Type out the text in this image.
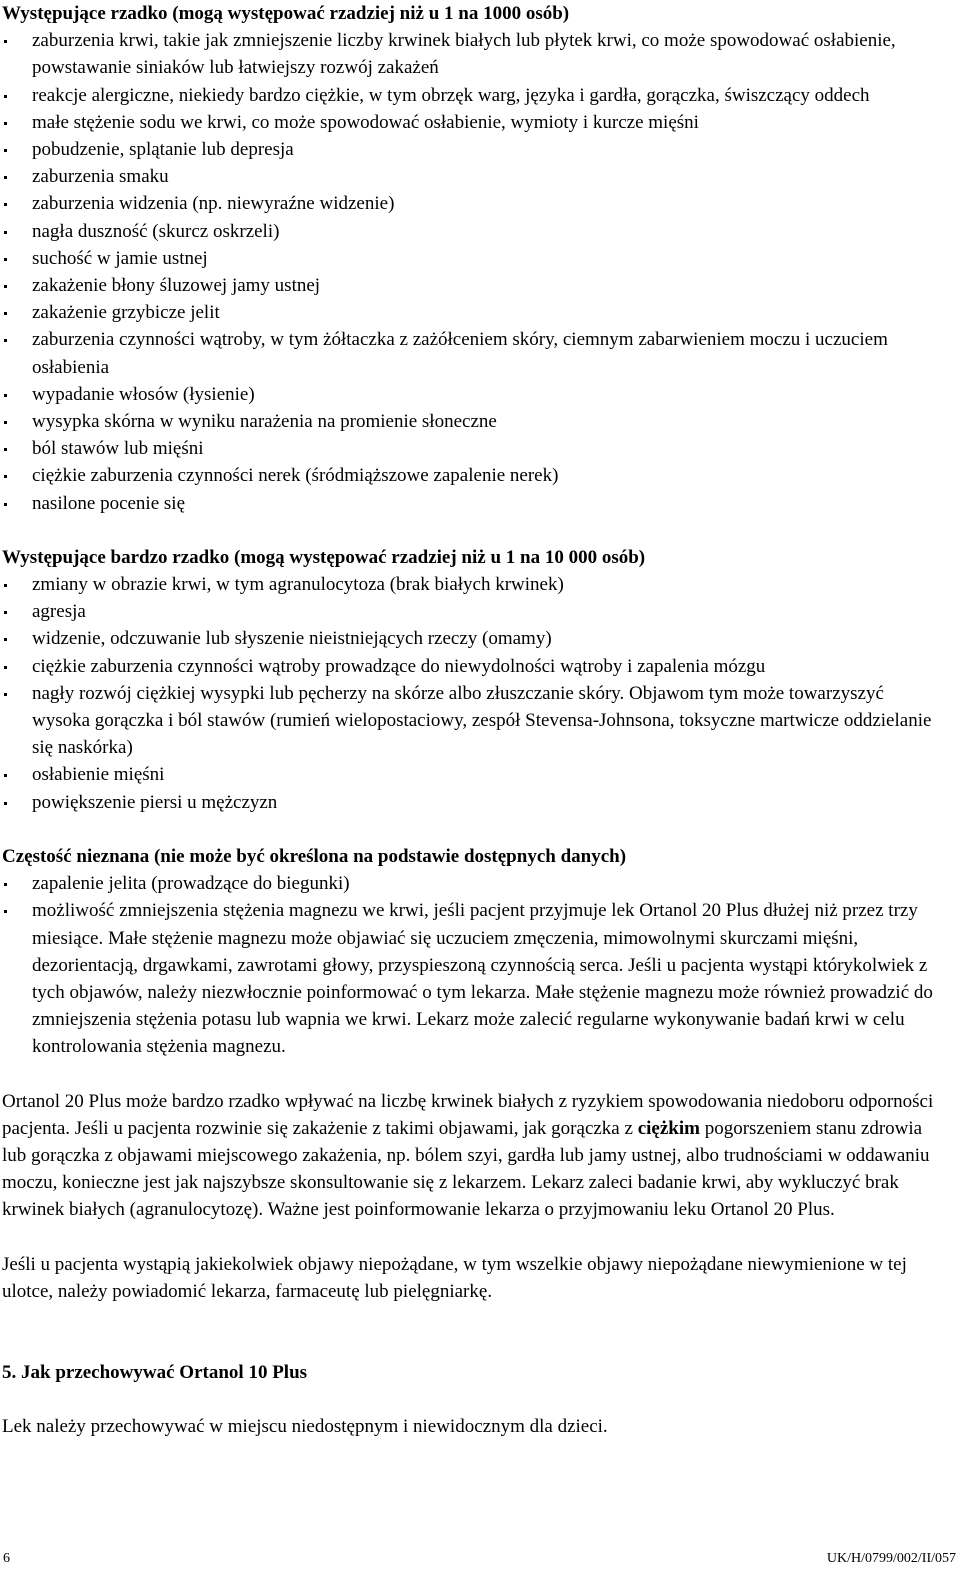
Występujące rzadko (mogą występować rzadziej niż u 1 na 1000 osób)

zaburzenia krwi, takie jak zmniejszenie liczby krwinek białych lub płytek krwi, co może spowodować osłabienie, powstawanie siniaków lub łatwiejszy rozwój zakażeń
reakcje alergiczne, niekiedy bardzo ciężkie, w tym obrzęk warg, języka i gardła, gorączka, świszczący oddech
małe stężenie sodu we krwi, co może spowodować osłabienie, wymioty i kurcze mięśni
pobudzenie, splątanie lub depresja
zaburzenia smaku
zaburzenia widzenia (np. niewyraźne widzenie)
nagła duszność (skurcz oskrzeli)
suchość w jamie ustnej
zakażenie błony śluzowej jamy ustnej
zakażenie grzybicze jelit
zaburzenia czynności wątroby, w tym żółtaczka z zażółceniem skóry, ciemnym zabarwieniem moczu i uczuciem osłabienia
wypadanie włosów (łysienie)
wysypka skórna w wyniku narażenia na promienie słoneczne
ból stawów lub mięśni
ciężkie zaburzenia czynności nerek (śródmiąższowe zapalenie nerek)
nasilone pocenie się

Występujące bardzo rzadko (mogą występować rzadziej niż u 1 na 10 000 osób)

zmiany w obrazie krwi, w tym agranulocytoza (brak białych krwinek)
agresja
widzenie, odczuwanie lub słyszenie nieistniejących rzeczy (omamy)
ciężkie zaburzenia czynności wątroby prowadzące do niewydolności wątroby i zapalenia mózgu
nagły rozwój ciężkiej wysypki lub pęcherzy na skórze albo złuszczanie skóry. Objawom tym może towarzyszyć wysoka gorączka i ból stawów (rumień wielopostaciowy, zespół Stevensa-Johnsona, toksyczne martwicze oddzielanie się naskórka)
osłabienie mięśni
powiększenie piersi u mężczyzn

Częstość nieznana (nie może być określona na podstawie dostępnych danych)

zapalenie jelita (prowadzące do biegunki)
możliwość zmniejszenia stężenia magnezu we krwi, jeśli pacjent przyjmuje lek Ortanol 20 Plus dłużej niż przez trzy miesiące. Małe stężenie magnezu może objawiać się uczuciem zmęczenia, mimowolnymi skurczami mięśni, dezorientacją, drgawkami, zawrotami głowy, przyspieszoną czynnością serca. Jeśli u pacjenta wystąpi którykolwiek z tych objawów, należy niezwłocznie poinformować o tym lekarza. Małe stężenie magnezu może również prowadzić do zmniejszenia stężenia potasu lub wapnia we krwi. Lekarz może zalecić regularne wykonywanie badań krwi w celu kontrolowania stężenia magnezu.

Ortanol 20 Plus może bardzo rzadko wpływać na liczbę krwinek białych z ryzykiem spowodowania niedoboru odporności pacjenta. Jeśli u pacjenta rozwinie się zakażenie z takimi objawami, jak gorączka z ciężkim pogorszeniem stanu zdrowia lub gorączka z objawami miejscowego zakażenia, np. bólem szyi, gardła lub jamy ustnej, albo trudnościami w oddawaniu moczu, konieczne jest jak najszybsze skonsultowanie się z lekarzem. Lekarz zaleci badanie krwi, aby wykluczyć brak krwinek białych (agranulocytozę). Ważne jest poinformowanie lekarza o przyjmowaniu leku Ortanol 20 Plus.

Jeśli u pacjenta wystąpią jakiekolwiek objawy niepożądane, w tym wszelkie objawy niepożądane niewymienione w tej ulotce, należy powiadomić lekarza, farmaceutę lub pielęgniarkę.

5. Jak przechowywać Ortanol 10 Plus

Lek należy przechowywać w miejscu niedostępnym i niewidocznym dla dzieci.

6	UK/H/0799/002/II/057
